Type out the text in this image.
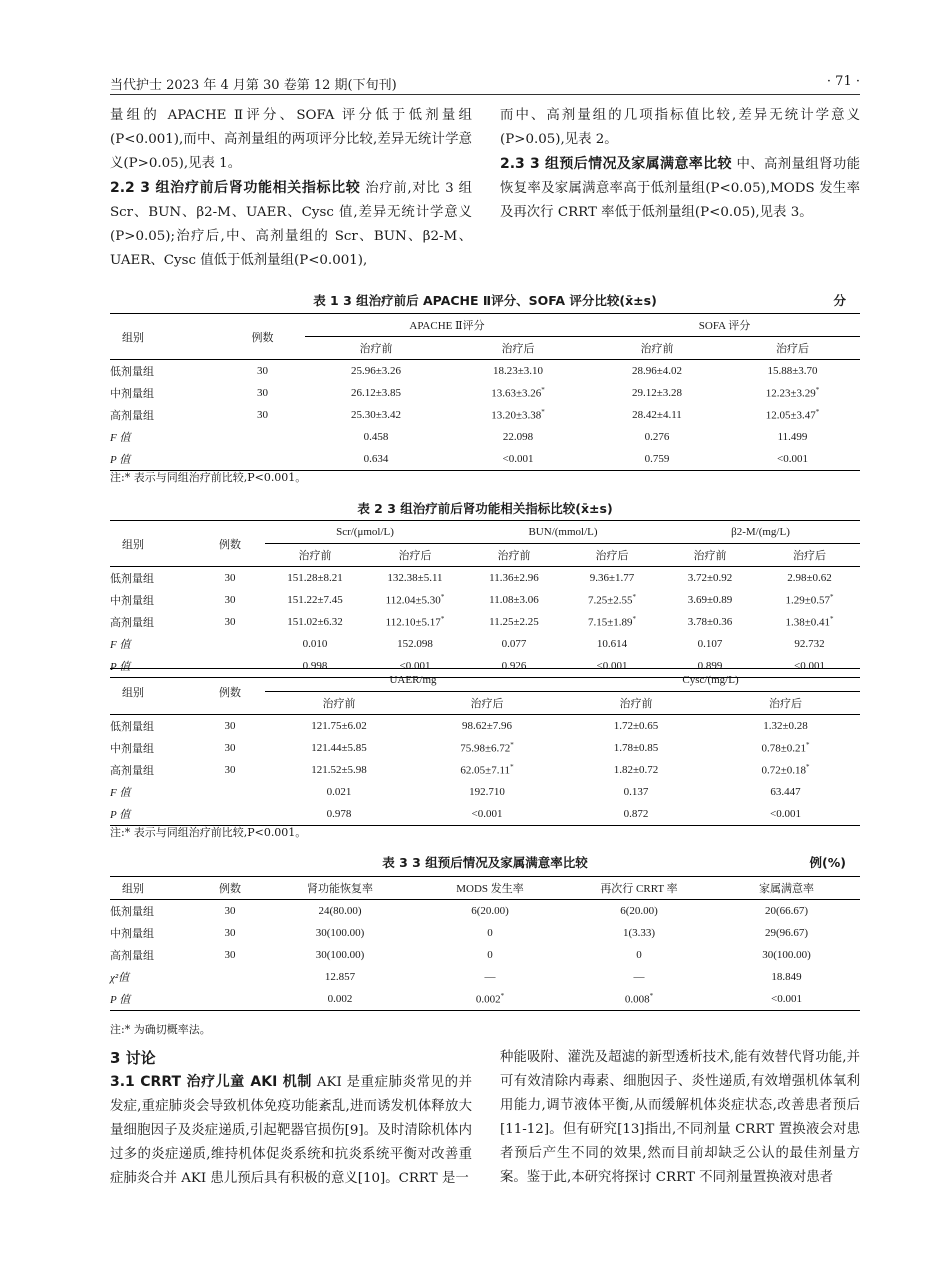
当代护士 2023 年 4 月第 30 卷第 12 期(下旬刊)	· 71 ·

量组的 APACHE Ⅱ评分、SOFA 评分低于低剂量组(P<0.001),而中、高剂量组的两项评分比较,差异无统计学意义(P>0.05),见表 1。

2.2 3 组治疗前后肾功能相关指标比较 治疗前,对比 3 组 Scr、BUN、β2-M、UAER、Cysc 值,差异无统计学意义(P>0.05);治疗后,中、高剂量组的 Scr、BUN、β2-M、UAER、Cysc 值低于低剂量组(P<0.001),

而中、高剂量组的几项指标值比较,差异无统计学意义(P>0.05),见表 2。

2.3 3 组预后情况及家属满意率比较 中、高剂量组肾功能恢复率及家属满意率高于低剂量组(P<0.05),MODS 发生率及再次行 CRRT 率低于低剂量组(P<0.05),见表 3。

表 1 3 组治疗前后 APACHE Ⅱ评分、SOFA 评分比较(x̄±s)	分
组别	例数	APACHE Ⅱ评分		SOFA 评分	
		治疗前	治疗后	治疗前	治疗后
低剂量组	30	25.96±3.26	18.23±3.10	28.96±4.02	15.88±3.70
中剂量组	30	26.12±3.85	13.63±3.26*	29.12±3.28	12.23±3.29*
高剂量组	30	25.30±3.42	13.20±3.38*	28.42±4.11	12.05±3.47*
F 值		0.458	22.098	0.276	11.499
P 值		0.634	<0.001	0.759	<0.001
注:* 表示与同组治疗前比较,P<0.001。
表 2 3 组治疗前后肾功能相关指标比较(x̄±s)
组别	例数	Scr/(μmol/L)		BUN/(mmol/L)		β2-M/(mg/L)	
		治疗前	治疗后	治疗前	治疗后	治疗前	治疗后
低剂量组	30	151.28±8.21	132.38±5.11	11.36±2.96	9.36±1.77	3.72±0.92	2.98±0.62
中剂量组	30	151.22±7.45	112.04±5.30*	11.08±3.06	7.25±2.55*	3.69±0.89	1.29±0.57*
高剂量组	30	151.02±6.32	112.10±5.17*	11.25±2.25	7.15±1.89*	3.78±0.36	1.38±0.41*
F 值		0.010	152.098	0.077	10.614	0.107	92.732
P 值		0.998	<0.001	0.926	<0.001	0.899	<0.001
组别	例数	UAER/mg		Cysc/(mg/L)	
		治疗前	治疗后	治疗前	治疗后
低剂量组	30	121.75±6.02	98.62±7.96	1.72±0.65	1.32±0.28
中剂量组	30	121.44±5.85	75.98±6.72*	1.78±0.85	0.78±0.21*
高剂量组	30	121.52±5.98	62.05±7.11*	1.82±0.72	0.72±0.18*
F 值		0.021	192.710	0.137	63.447
P 值		0.978	<0.001	0.872	<0.001
注:* 表示与同组治疗前比较,P<0.001。
表 3 3 组预后情况及家属满意率比较	例(%)
组别	例数	肾功能恢复率	MODS 发生率	再次行 CRRT 率	家属满意率
低剂量组	30	24(80.00)	6(20.00)	6(20.00)	20(66.67)
中剂量组	30	30(100.00)	0	1(3.33)	29(96.67)
高剂量组	30	30(100.00)	0	0	30(100.00)
χ²值		12.857	—	—	18.849
P 值		0.002	0.002*	0.008*	<0.001
注:* 为确切概率法。

3 讨论

3.1 CRRT 治疗儿童 AKI 机制 AKI 是重症肺炎常见的并发症,重症肺炎会导致机体免疫功能紊乱,进而诱发机体释放大量细胞因子及炎症递质,引起靶器官损伤[9]。及时清除机体内过多的炎症递质,维持机体促炎系统和抗炎系统平衡对改善重症肺炎合并 AKI 患儿预后具有积极的意义[10]。CRRT 是一

种能吸附、灌洗及超滤的新型透析技术,能有效替代肾功能,并可有效清除内毒素、细胞因子、炎性递质,有效增强机体氧利用能力,调节液体平衡,从而缓解机体炎症状态,改善患者预后[11-12]。但有研究[13]指出,不同剂量 CRRT 置换液会对患者预后产生不同的效果,然而目前却缺乏公认的最佳剂量方案。鉴于此,本研究将探讨 CRRT 不同剂量置换液对患者
